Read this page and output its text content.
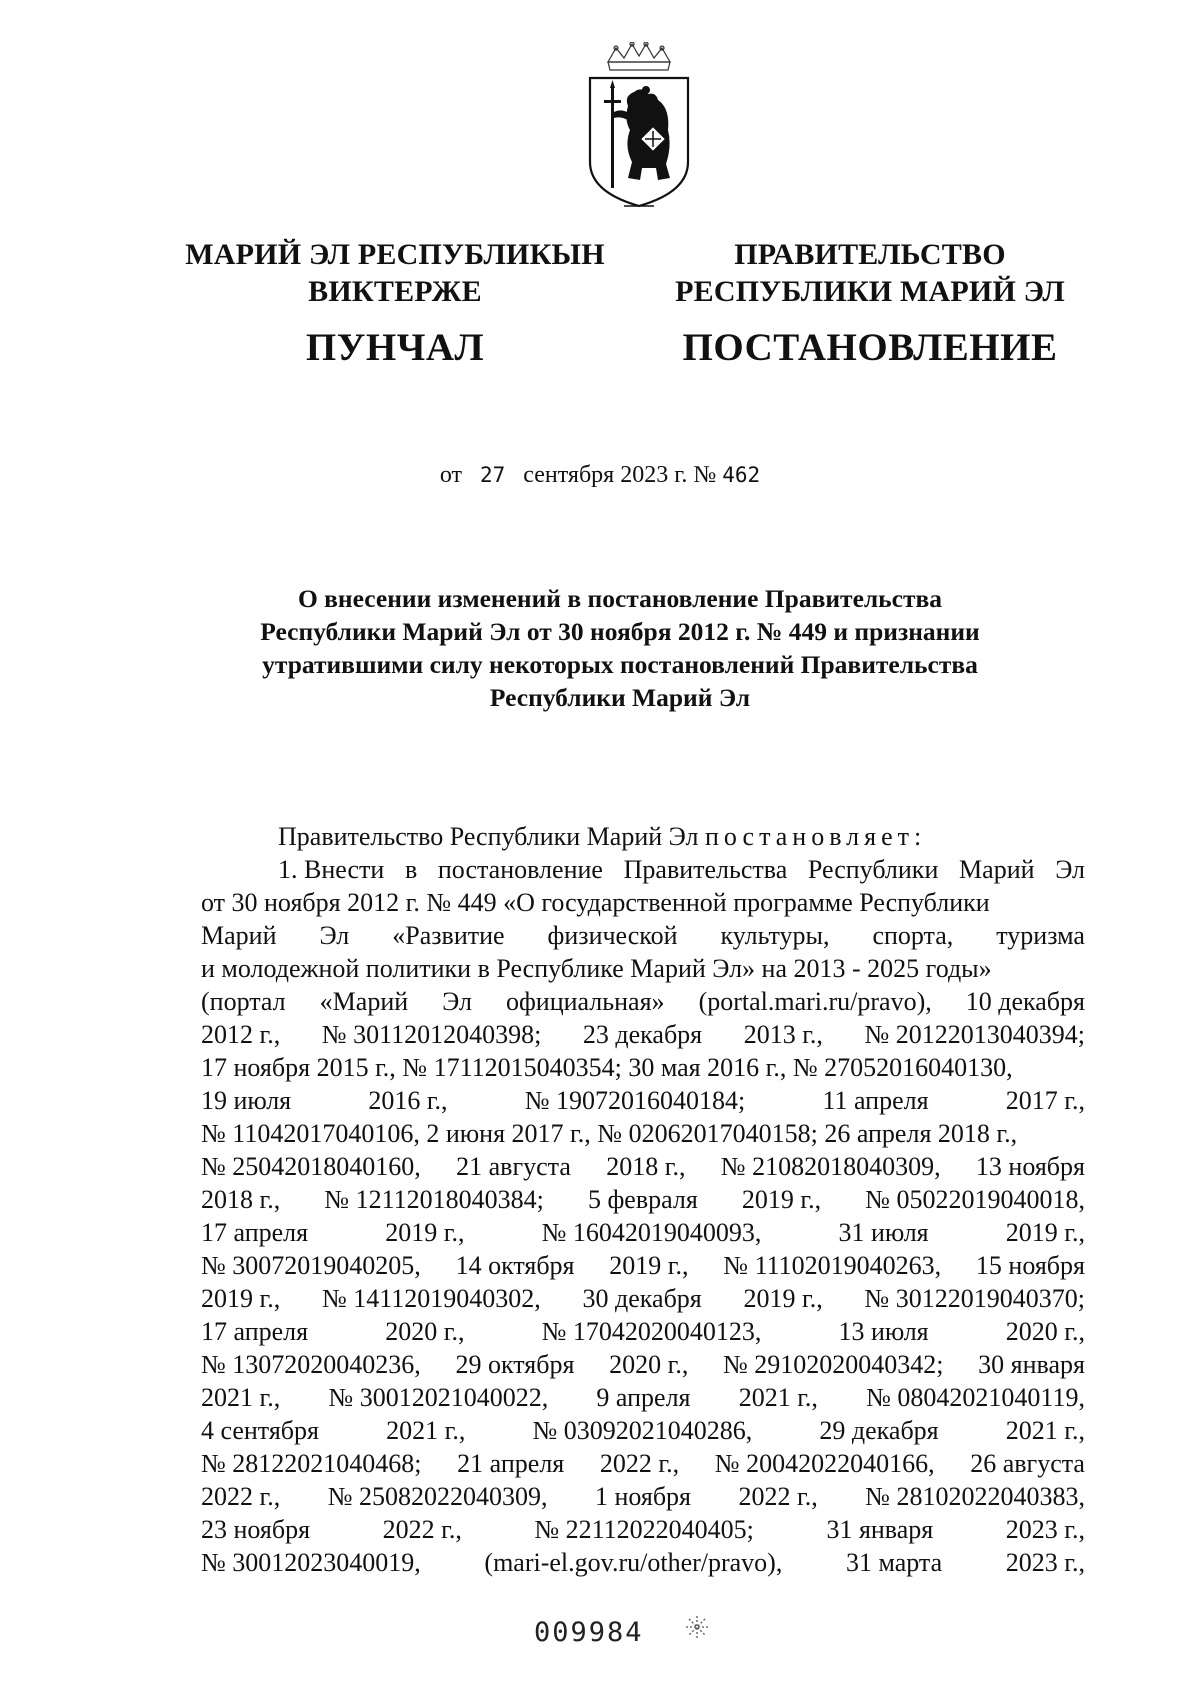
МАРИЙ ЭЛ РЕСПУБЛИКЫН
ВИКТЕРЖЕ
ПУНЧАЛ
ПРАВИТЕЛЬСТВО
РЕСПУБЛИКИ МАРИЙ ЭЛ
ПОСТАНОВЛЕНИЕ
от 27 сентября 2023 г. № 462
О внесении изменений в постановление Правительства
Республики Марий Эл от 30 ноября 2012 г. № 449 и признании
утратившими силу некоторых постановлений Правительства
Республики Марий Эл
Правительство Республики Марий Эл постановляет:
1. Внести в постановление Правительства Республики Марий Эл
от 30 ноября 2012 г. № 449 «О государственной программе Республики
Марий Эл «Развитие физической культуры, спорта, туризма
и молодежной политики в Республике Марий Эл» на 2013 - 2025 годы»
(портал «Марий Эл официальная» (portal.mari.ru/pravo), 10 декабря
2012 г., № 30112012040398; 23 декабря 2013 г., № 20122013040394;
17 ноября 2015 г., № 17112015040354; 30 мая 2016 г., № 27052016040130,
19 июля	2016 г.,	№ 19072016040184;	11 апреля	2017 г.,
№ 11042017040106, 2 июня 2017 г., № 02062017040158; 26 апреля 2018 г.,
№ 25042018040160, 21 августа 2018 г., № 21082018040309, 13 ноября
2018 г., № 12112018040384; 5 февраля 2019 г., № 05022019040018,
17 апреля	2019 г.,	№ 16042019040093,	31 июля	2019 г.,
№ 30072019040205, 14 октября 2019 г., № 11102019040263, 15 ноября
2019 г., № 14112019040302, 30 декабря 2019 г., № 30122019040370;
17 апреля	2020 г.,	№ 17042020040123,	13 июля	2020 г.,
№ 13072020040236, 29 октября 2020 г., № 29102020040342; 30 января
2021 г., № 30012021040022, 9 апреля 2021 г., № 08042021040119,
4 сентября	2021 г.,	№ 03092021040286,	29 декабря	2021 г.,
№ 28122021040468; 21 апреля 2022 г., № 20042022040166, 26 августа
2022 г., № 25082022040309, 1 ноября 2022 г., № 28102022040383,
23 ноября	2022 г.,	№ 22112022040405;	31 января	2023 г.,
№ 30012023040019, (mari-el.gov.ru/other/pravo), 31 марта 2023 г.,
009984
